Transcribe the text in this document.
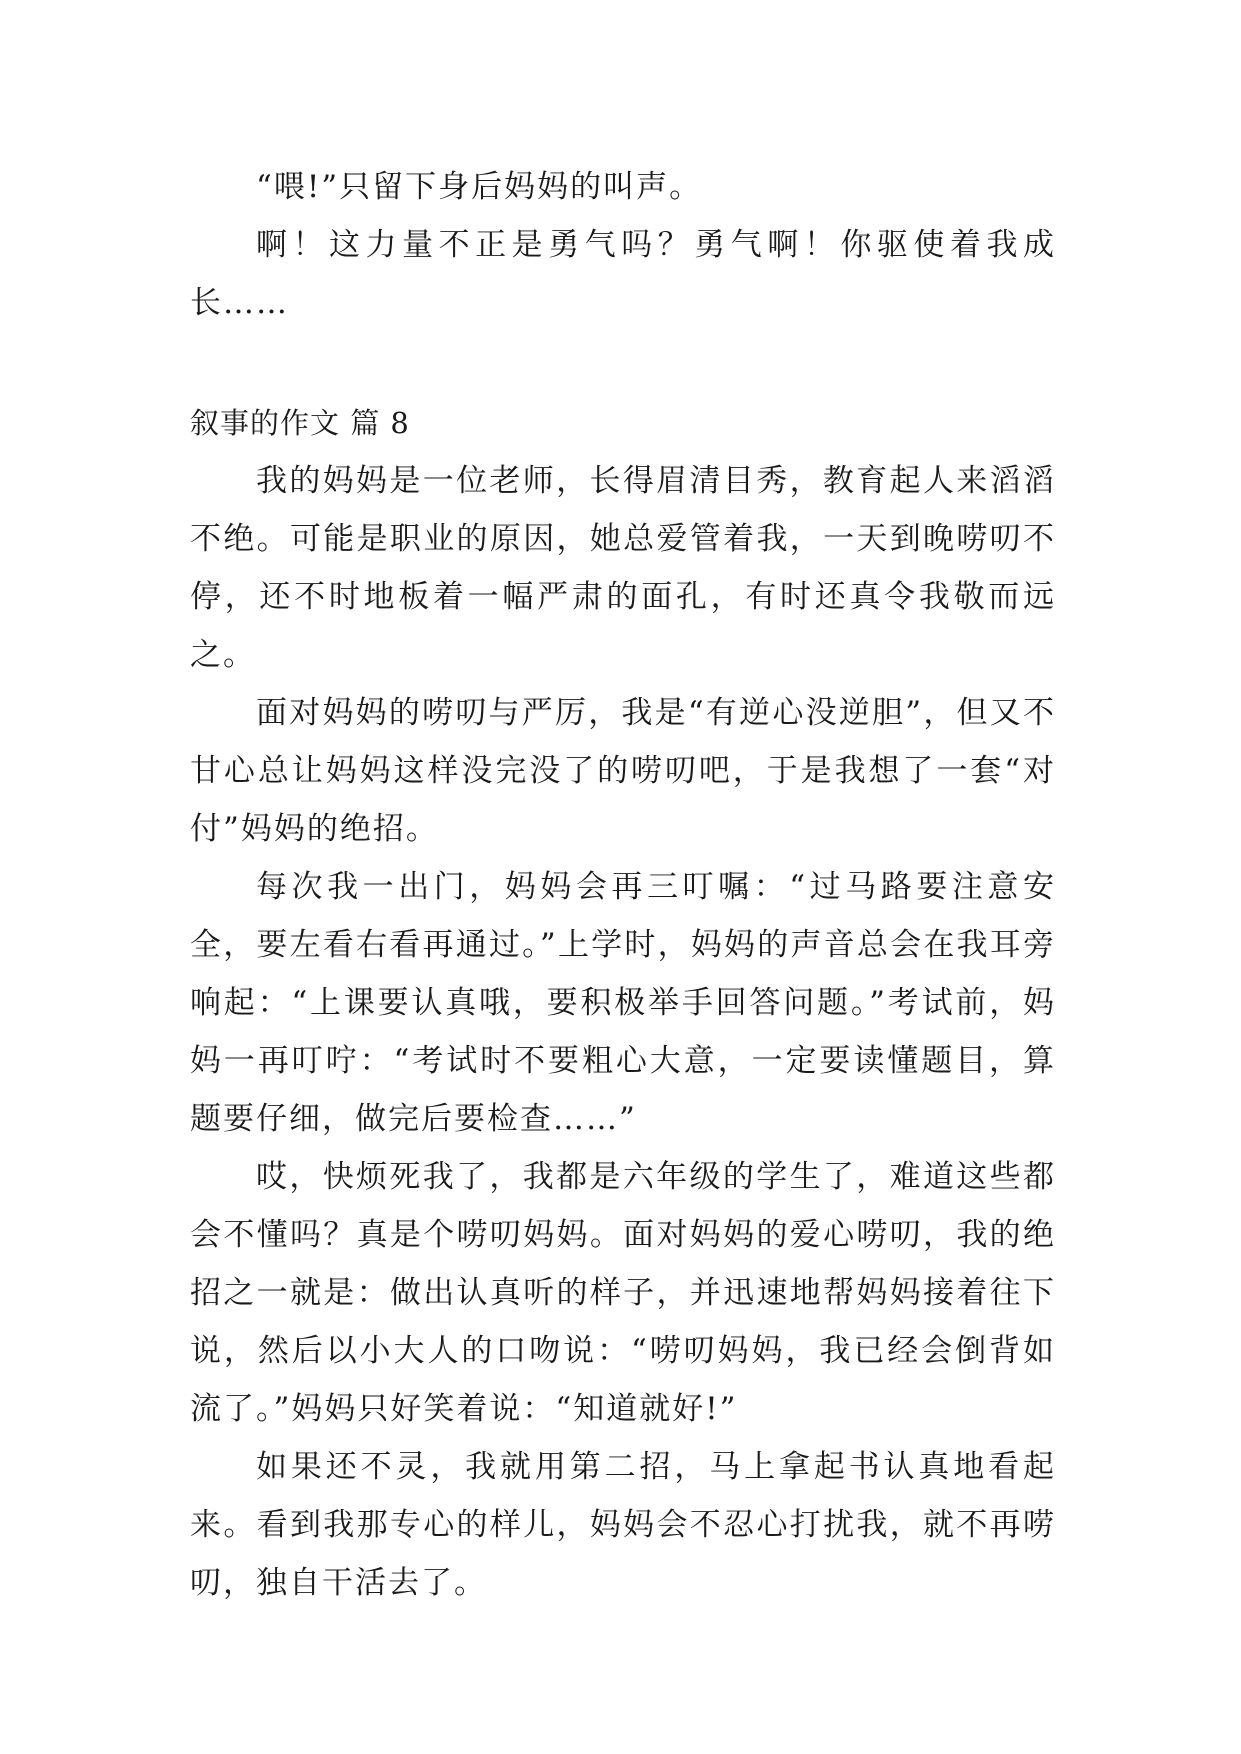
“喂!”只留下身后妈妈的叫声。

啊！这力量不正是勇气吗？勇气啊！你驱使着我成长……

叙事的作文 篇 8

我的妈妈是一位老师，长得眉清目秀，教育起人来滔滔不绝。可能是职业的原因，她总爱管着我，一天到晚唠叨不停，还不时地板着一幅严肃的面孔，有时还真令我敬而远之。

面对妈妈的唠叨与严厉，我是“有逆心没逆胆”，但又不甘心总让妈妈这样没完没了的唠叨吧，于是我想了一套“对付”妈妈的绝招。

每次我一出门，妈妈会再三叮嘱：“过马路要注意安全，要左看右看再通过。”上学时，妈妈的声音总会在我耳旁响起：“上课要认真哦，要积极举手回答问题。”考试前，妈妈一再叮咛：“考试时不要粗心大意，一定要读懂题目，算题要仔细，做完后要检查……”

哎，快烦死我了，我都是六年级的学生了，难道这些都会不懂吗？真是个唠叨妈妈。面对妈妈的爱心唠叨，我的绝招之一就是：做出认真听的样子，并迅速地帮妈妈接着往下说，然后以小大人的口吻说：“唠叨妈妈，我已经会倒背如流了。”妈妈只好笑着说：“知道就好!”

如果还不灵，我就用第二招，马上拿起书认真地看起来。看到我那专心的样儿，妈妈会不忍心打扰我，就不再唠叨，独自干活去了。
